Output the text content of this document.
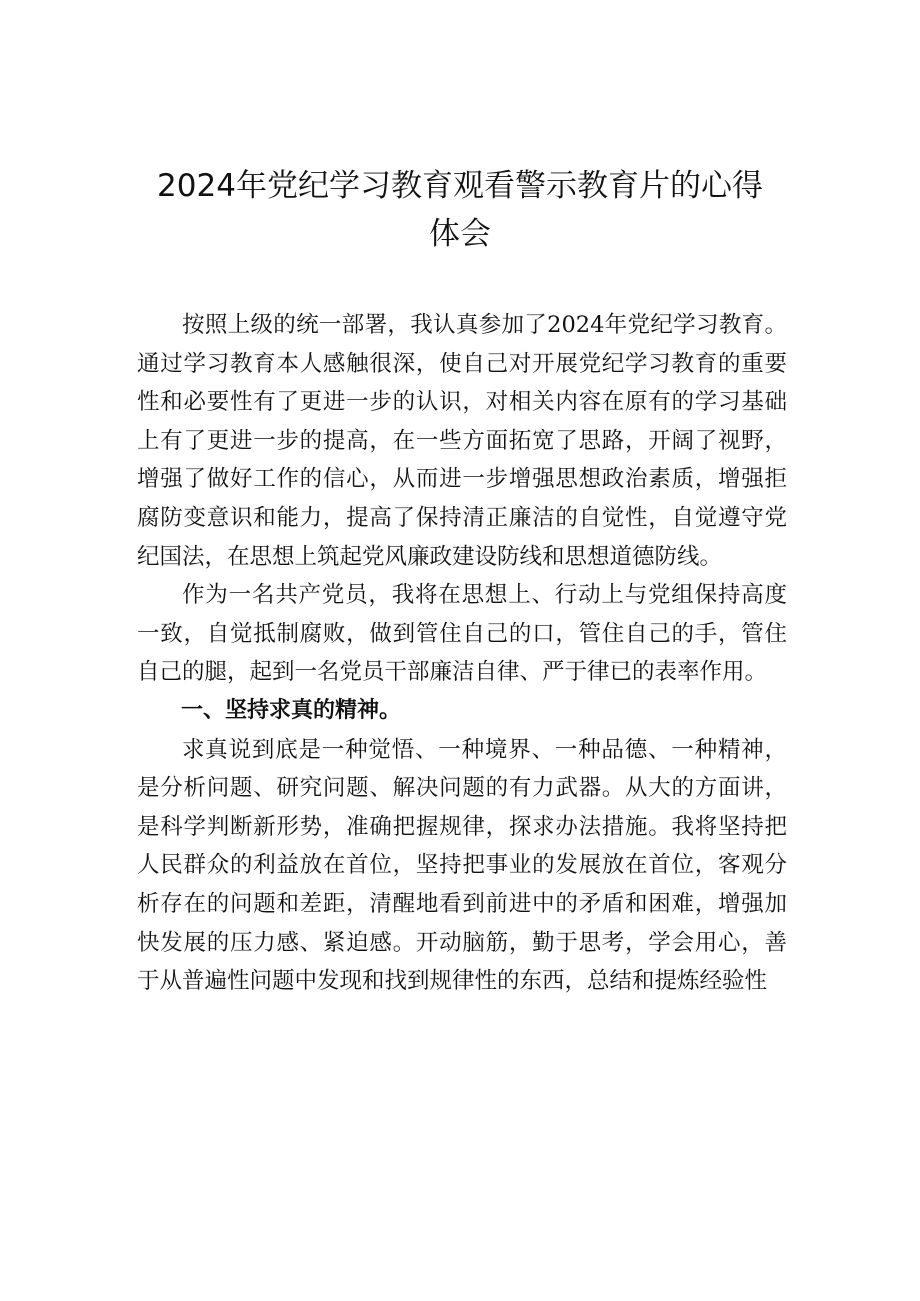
2024年党纪学习教育观看警示教育片的心得体会

按照上级的统一部署，我认真参加了2024年党纪学习教育。通过学习教育本人感触很深，使自己对开展党纪学习教育的重要性和必要性有了更进一步的认识，对相关内容在原有的学习基础上有了更进一步的提高，在一些方面拓宽了思路，开阔了视野，增强了做好工作的信心，从而进一步增强思想政治素质，增强拒腐防变意识和能力，提高了保持清正廉洁的自觉性，自觉遵守党纪国法，在思想上筑起党风廉政建设防线和思想道德防线。

作为一名共产党员，我将在思想上、行动上与党组保持高度一致，自觉抵制腐败，做到管住自己的口，管住自己的手，管住自己的腿，起到一名党员干部廉洁自律、严于律已的表率作用。

一、坚持求真的精神。

求真说到底是一种觉悟、一种境界、一种品德、一种精神，是分析问题、研究问题、解决问题的有力武器。从大的方面讲，是科学判断新形势，准确把握规律，探求办法措施。我将坚持把人民群众的利益放在首位，坚持把事业的发展放在首位，客观分析存在的问题和差距，清醒地看到前进中的矛盾和困难，增强加快发展的压力感、紧迫感。开动脑筋，勤于思考，学会用心，善于从普遍性问题中发现和找到规律性的东西，总结和提炼经验性
